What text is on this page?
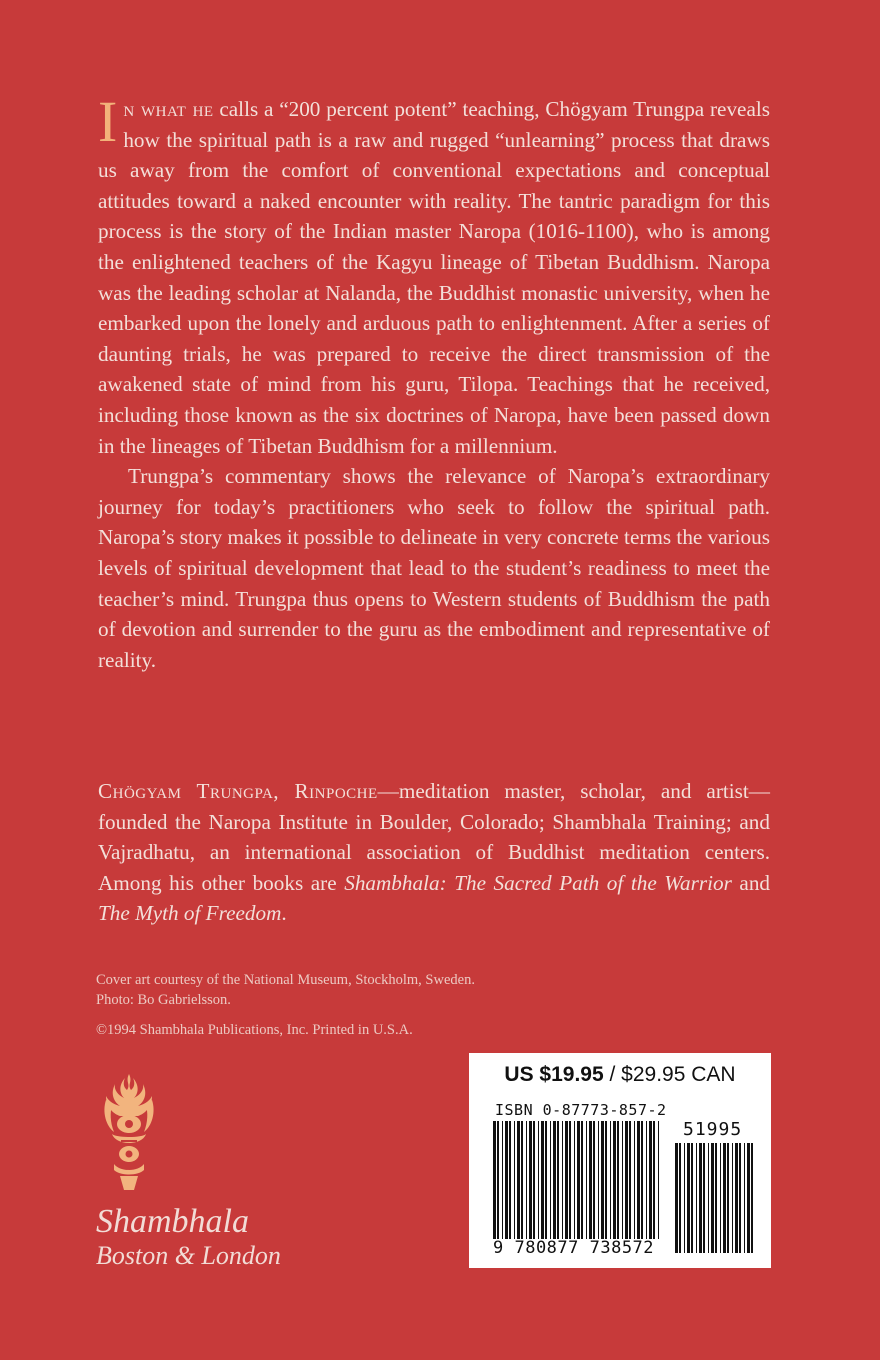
In what he calls a “200 percent potent” teaching, Chögyam Trungpa reveals how the spiritual path is a raw and rugged “unlearning” process that draws us away from the comfort of conventional expectations and conceptual attitudes toward a naked encounter with reality. The tantric paradigm for this process is the story of the Indian master Naropa (1016-1100), who is among the enlightened teachers of the Kagyu lineage of Tibetan Buddhism. Naropa was the leading scholar at Nalanda, the Buddhist monastic university, when he embarked upon the lonely and arduous path to enlightenment. After a series of daunting trials, he was prepared to receive the direct transmission of the awakened state of mind from his guru, Tilopa. Teachings that he received, including those known as the six doctrines of Naropa, have been passed down in the lineages of Tibetan Buddhism for a millennium.

Trungpa’s commentary shows the relevance of Naropa’s extraordinary journey for today’s practitioners who seek to follow the spiritual path. Naropa’s story makes it possible to delineate in very concrete terms the various levels of spiritual development that lead to the student’s readiness to meet the teacher’s mind. Trungpa thus opens to Western students of Buddhism the path of devotion and surrender to the guru as the embodiment and representative of reality.

Chögyam Trungpa, Rinpoche—meditation master, scholar, and artist—founded the Naropa Institute in Boulder, Colorado; Shambhala Training; and Vajradhatu, an international association of Buddhist meditation centers. Among his other books are Shambhala: The Sacred Path of the Warrior and The Myth of Freedom.

Cover art courtesy of the National Museum, Stockholm, Sweden.

Photo: Bo Gabrielsson.

©1994 Shambhala Publications, Inc. Printed in U.S.A.
Shambhala
Boston & London
US $19.95 / $29.95 CAN
ISBN 0-87773-857-2
9 780877 738572
51995
